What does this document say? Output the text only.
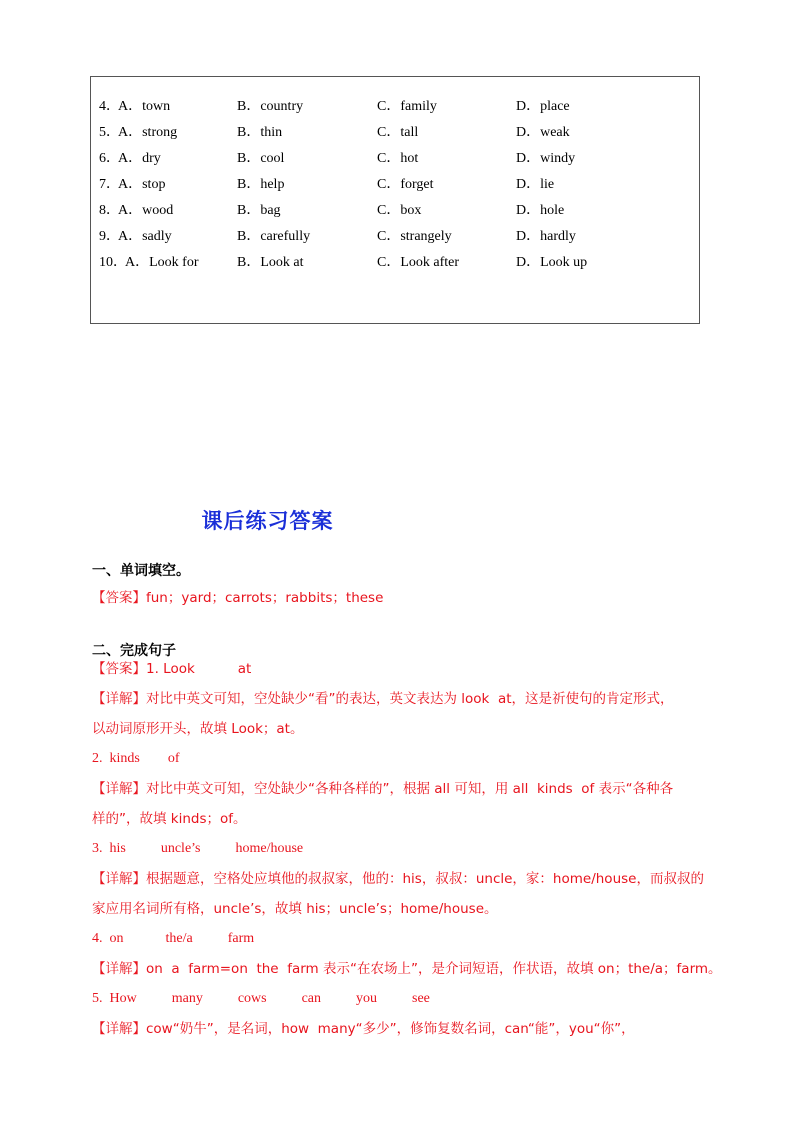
4．
A．town	B．country	C．family	D．place
5．
A．strong	B．thin	C．tall	D．weak
6．
A．dry	B．cool	C．hot	D．windy
7．
A．stop	B．help	C．forget	D．lie
8．
A．wood	B．bag	C．box	D．hole
9．
A．sadly	B．carefully	C．strangely	D．hardly
10．
A．Look for	B．Look at	C．Look after	D．Look up
课后练习答案
一、单词填空。
【答案】fun；yard；carrots；rabbits；these
二、完成句子
【答案】1. Look          at
【详解】对比中英文可知，空处缺少“看”的表达，英文表达为 look  at，这是祈使句的肯定形式，
以动词原形开头，故填 Look；at。
2.  kinds        of
【详解】对比中英文可知，空处缺少“各种各样的”，根据 all 可知，用 all  kinds  of 表示“各种各
样的”，故填 kinds；of。
3.  his          uncle’s          home/house
【详解】根据题意，空格处应填他的叔叔家，他的：his，叔叔：uncle，家：home/house，而叔叔的
家应用名词所有格，uncle’s，故填 his；uncle’s；home/house。
4.  on            the/a          farm
【详解】on  a  farm=on  the  farm 表示“在农场上”，是介词短语，作状语，故填 on；the/a；farm。
5.  How          many          cows          can          you          see
【详解】cow“奶牛”，是名词，how  many“多少”，修饰复数名词，can“能”，you“你”，
